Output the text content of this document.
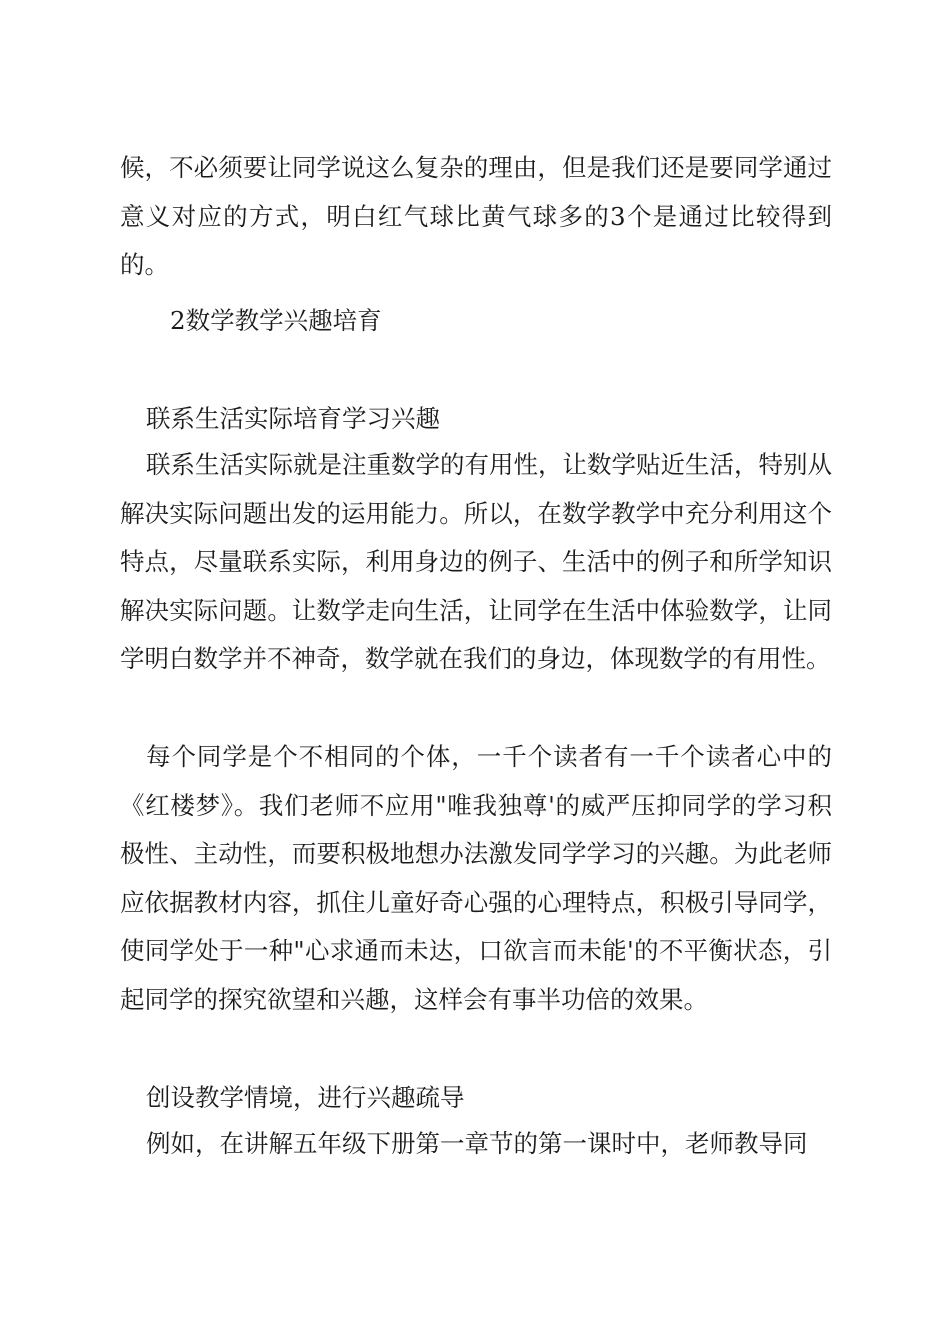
候，不必须要让同学说这么复杂的理由，但是我们还是要同学通过意义对应的方式，明白红气球比黄气球多的3个是通过比较得到的。

2数学教学兴趣培育

联系生活实际培育学习兴趣

联系生活实际就是注重数学的有用性，让数学贴近生活，特别从解决实际问题出发的运用能力。所以，在数学教学中充分利用这个特点，尽量联系实际，利用身边的例子、生活中的例子和所学知识解决实际问题。让数学走向生活，让同学在生活中体验数学，让同学明白数学并不神奇，数学就在我们的身边，体现数学的有用性。

每个同学是个不相同的个体，一千个读者有一千个读者心中的《红楼梦》。我们老师不应用"唯我独尊'的威严压抑同学的学习积极性、主动性，而要积极地想办法激发同学学习的兴趣。为此老师应依据教材内容，抓住儿童好奇心强的心理特点，积极引导同学，使同学处于一种"心求通而未达，口欲言而未能'的不平衡状态，引起同学的探究欲望和兴趣，这样会有事半功倍的效果。

创设教学情境，进行兴趣疏导

例如，在讲解五年级下册第一章节的第一课时中，老师教导同
